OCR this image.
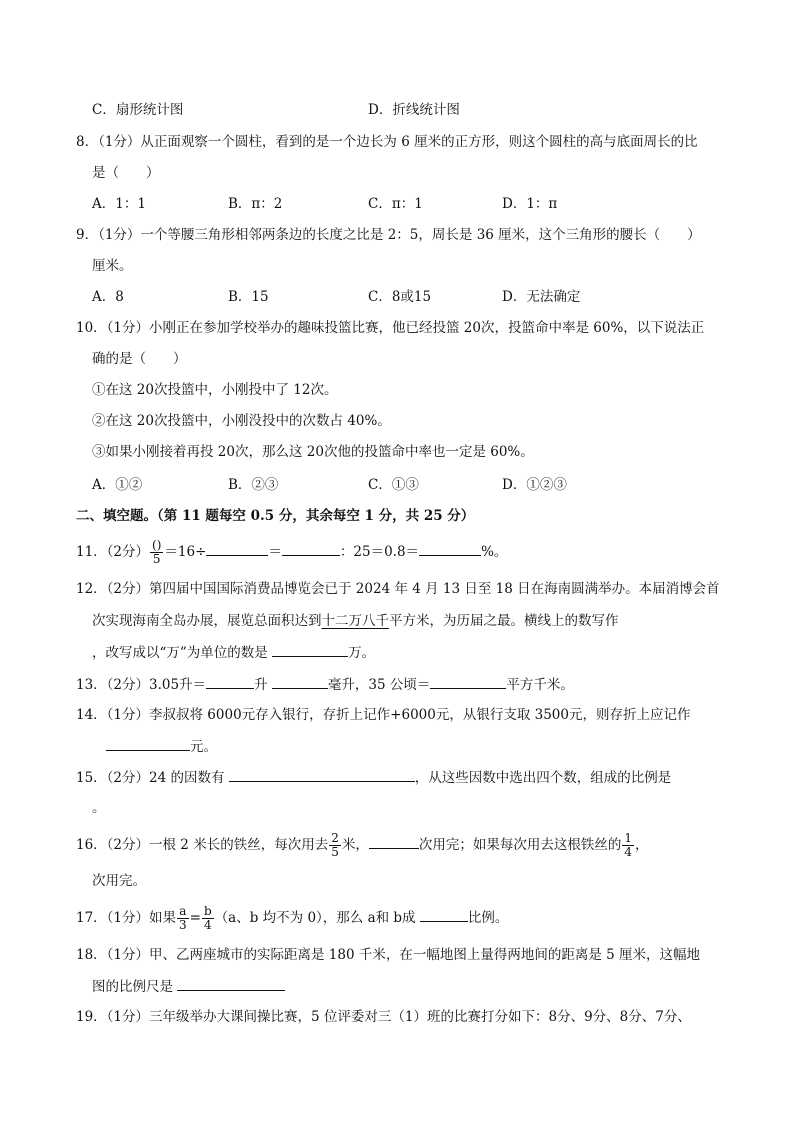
C．扇形统计图	D．折线统计图
8．（1分）从正面观察一个圆柱，看到的是一个边长为 6 厘米的正方形，则这个圆柱的高与底面周长的比
是（　　）
A．1：1	B．π：2	C．π：1	D．1：π
9．（1分）一个等腰三角形相邻两条边的长度之比是 2：5，周长是 36 厘米，这个三角形的腰长（　　）
厘米。
A．8	B．15	C．8或15	D．无法确定
10．（1分）小刚正在参加学校举办的趣味投篮比赛，他已经投篮 20次，投篮命中率是 60%，以下说法正
确的是（　　）
①在这 20次投篮中，小刚投中了 12次。
②在这 20次投篮中，小刚没投中的次数占 40%。
③如果小刚接着再投 20次，那么这 20次他的投篮命中率也一定是 60%。
A．①②	B．②③	C．①③	D．①②③
二、填空题。（第 11 题每空 0.5 分，其余每空 1 分，共 25 分）
11．（2分） $\frac{()}{5} =16\div$	＝	：25＝0.8＝	%。
12．（2分）第四届中国国际消费品博览会已于 2024 年 4 月 13 日至 18 日在海南圆满举办。本届消博会首
次实现海南全岛办展，展览总面积达到十二万八千平方米，为历届之最。横线上的数写作
，改写成以“万”为单位的数是	万。
13．（2分）3.05升＝	升	毫升，35 公顷＝	平方千米。
14．（1分）李叔叔将 6000元存入银行，存折上记作+6000元，从银行支取 3500元，则存折上应记作
元。
15．（2分）24 的因数有	，从这些因数中选出四个数，组成的比例是
。
16．（2分）一根 2 米长的铁丝，每次用去 $\frac{2}{5}$ 米，	次用完；如果每次用去这根铁丝的 $\frac{1}{4}$ ，
次用完。
17．（1分）如果 $\frac{a}{3} = \frac{b}{4} (a$、b 均不为 0），那么 a和 b成	比例。
18．（1分）甲、乙两座城市的实际距离是 180 千米，在一幅地图上量得两地间的距离是 5 厘米，这幅地
图的比例尺是
19．（1分）三年级举办大课间操比赛，5 位评委对三（1）班的比赛打分如下：8分、9分、8分、7分、
